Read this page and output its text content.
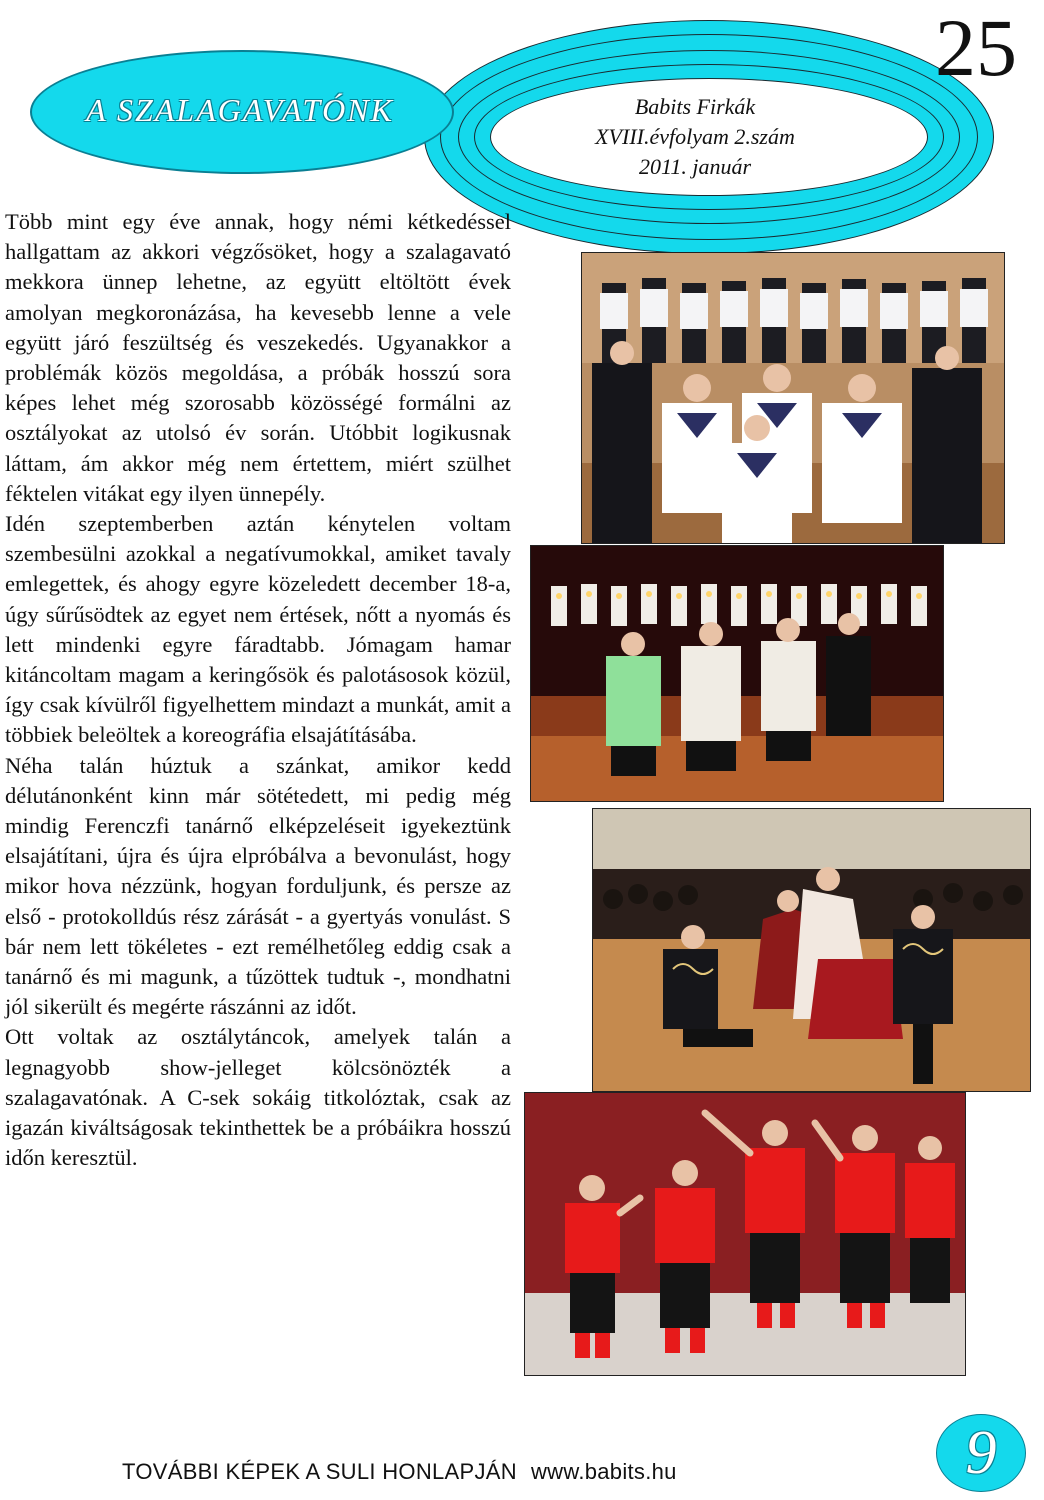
Babits Firkák
XVIII.évfolyam 2.szám
2011. január
A SZALAGAVATÓNK
25

Több mint egy éve annak, hogy némi kétkedéssel hallgattam az akkori végzősöket, hogy a szalagavató mekkora ünnep lehetne, az együtt eltöltött évek amolyan megkoronázása, ha kevesebb lenne a vele együtt járó feszültség és veszekedés. Ugyanakkor a problémák közös megoldása, a próbák hosszú sora képes lehet még szorosabb közösségé formálni az osztályokat az utolsó év során. Utóbbit logikusnak láttam, ám akkor még nem értettem, miért szülhet féktelen vitákat egy ilyen ünnepély.

Idén szeptemberben aztán kénytelen voltam szembesülni azokkal a negatívumokkal, amiket tavaly emlegettek, és ahogy egyre közeledett december 18-a, úgy sűrűsödtek az egyet nem értések, nőtt a nyomás és lett mindenki egyre fáradtabb. Jómagam hamar kitáncoltam magam a keringősök és palotásosok közül, így csak kívülről figyelhettem mindazt a munkát, amit a többiek beleöltek a koreográfia elsajátításába.

Néha talán húztuk a szánkat, amikor kedd délutánonként kinn már sötétedett, mi pedig még mindig Ferenczfi tanárnő elképzeléseit igyekeztünk elsajátítani, újra és újra elpróbálva a bevonulást, hogy mikor hova nézzünk, hogyan forduljunk, és persze az első - protokolldús rész zárását - a gyertyás vonulást. S bár nem lett tökéletes - ezt remélhetőleg eddig csak a tanárnő és mi magunk, a tűzöttek tudtuk -, mondhatni jól sikerült és megérte rászánni az időt.

Ott voltak az osztálytáncok, amelyek talán a legnagyobb show-jelleget kölcsönözték a szalagavatónak. A C-sek sokáig titkolóztak, csak az igazán kiváltságosak tekinthettek be a próbáikra hosszú időn keresztül.

TOVÁBBI KÉPEK A SULI HONLAPJÁN www.babits.hu	9
